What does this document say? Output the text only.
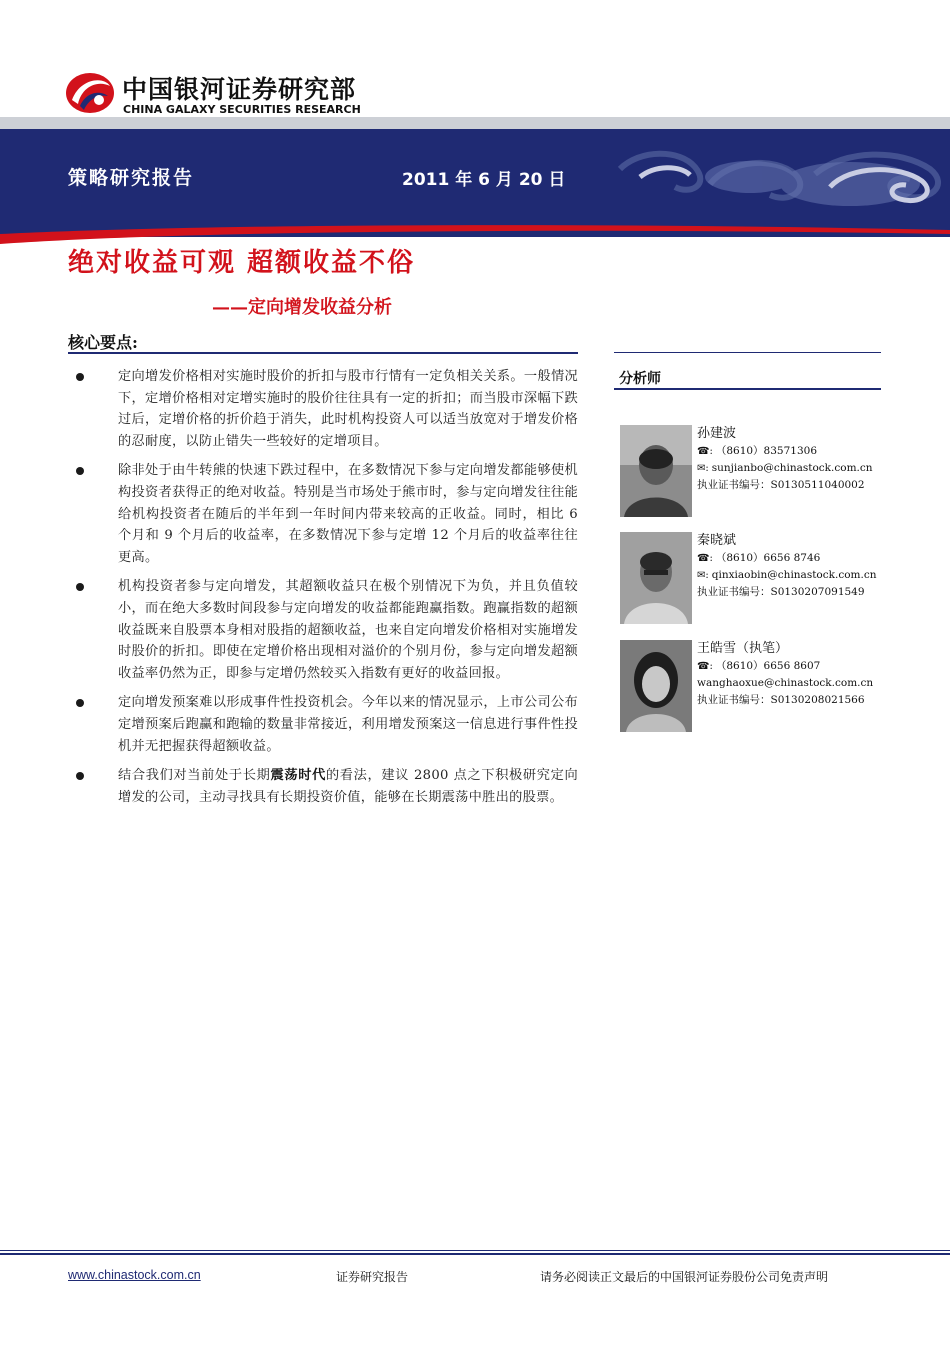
中国银河证券研究部
CHINA GALAXY SECURITIES RESEARCH
策略研究报告	2011 年 6 月 20 日
绝对收益可观 超额收益不俗
——定向增发收益分析
核心要点:
定向增发价格相对实施时股价的折扣与股市行情有一定负相关关系。一般情况下，定增价格相对定增实施时的股价往往具有一定的折扣；而当股市深幅下跌过后，定增价格的折价趋于消失，此时机构投资人可以适当放宽对于增发价格的忍耐度，以防止错失一些较好的定增项目。
除非处于由牛转熊的快速下跌过程中，在多数情况下参与定向增发都能够使机构投资者获得正的绝对收益。特别是当市场处于熊市时，参与定向增发往往能给机构投资者在随后的半年到一年时间内带来较高的正收益。同时，相比 6 个月和 9 个月后的收益率，在多数情况下参与定增 12 个月后的收益率往往更高。
机构投资者参与定向增发，其超额收益只在极个别情况下为负，并且负值较小，而在绝大多数时间段参与定向增发的收益都能跑赢指数。跑赢指数的超额收益既来自股票本身相对股指的超额收益，也来自定向增发价格相对实施增发时股价的折扣。即使在定增价格出现相对溢价的个别月份，参与定向增发超额收益率仍然为正，即参与定增仍然较买入指数有更好的收益回报。
定向增发预案难以形成事件性投资机会。今年以来的情况显示，上市公司公布定增预案后跑赢和跑输的数量非常接近，利用增发预案这一信息进行事件性投机并无把握获得超额收益。
结合我们对当前处于长期震荡时代的看法，建议 2800 点之下积极研究定向增发的公司，主动寻找具有长期投资价值，能够在长期震荡中胜出的股票。
分析师
孙建波
☎: （8610）83571306
✉: sunjianbo@chinastock.com.cn
执业证书编号：S0130511040002
秦晓斌
☎: （8610）6656 8746
✉: qinxiaobin@chinastock.com.cn
执业证书编号：S0130207091549
王皓雪（执笔）
☎: （8610）6656 8607
wanghaoxue@chinastock.com.cn
执业证书编号：S0130208021566
www.chinastock.com.cn	证券研究报告	请务必阅读正文最后的中国银河证券股份公司免责声明
